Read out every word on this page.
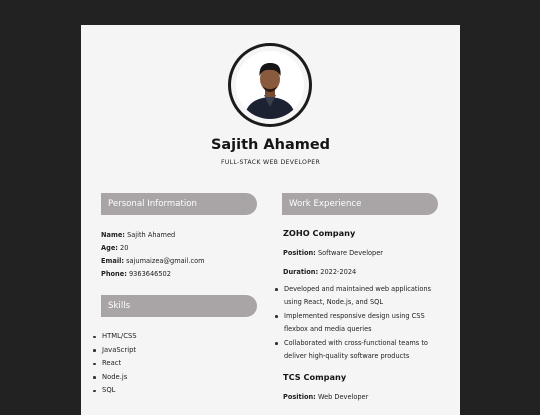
Sajith Ahamed
FULL-STACK WEB DEVELOPER
Personal Information
Name: Sajith Ahamed
Age: 20
Email: sajumaizea@gmail.com
Phone: 9363646502
Skills
HTML/CSS
JavaScript
React
Node.js
SQL
Work Experience
ZOHO Company
Position: Software Developer
Duration: 2022-2024
Developed and maintained web applications using React, Node.js, and SQL
Implemented responsive design using CSS flexbox and media queries
Collaborated with cross-functional teams to deliver high-quality software products
TCS Company
Position: Web Developer
